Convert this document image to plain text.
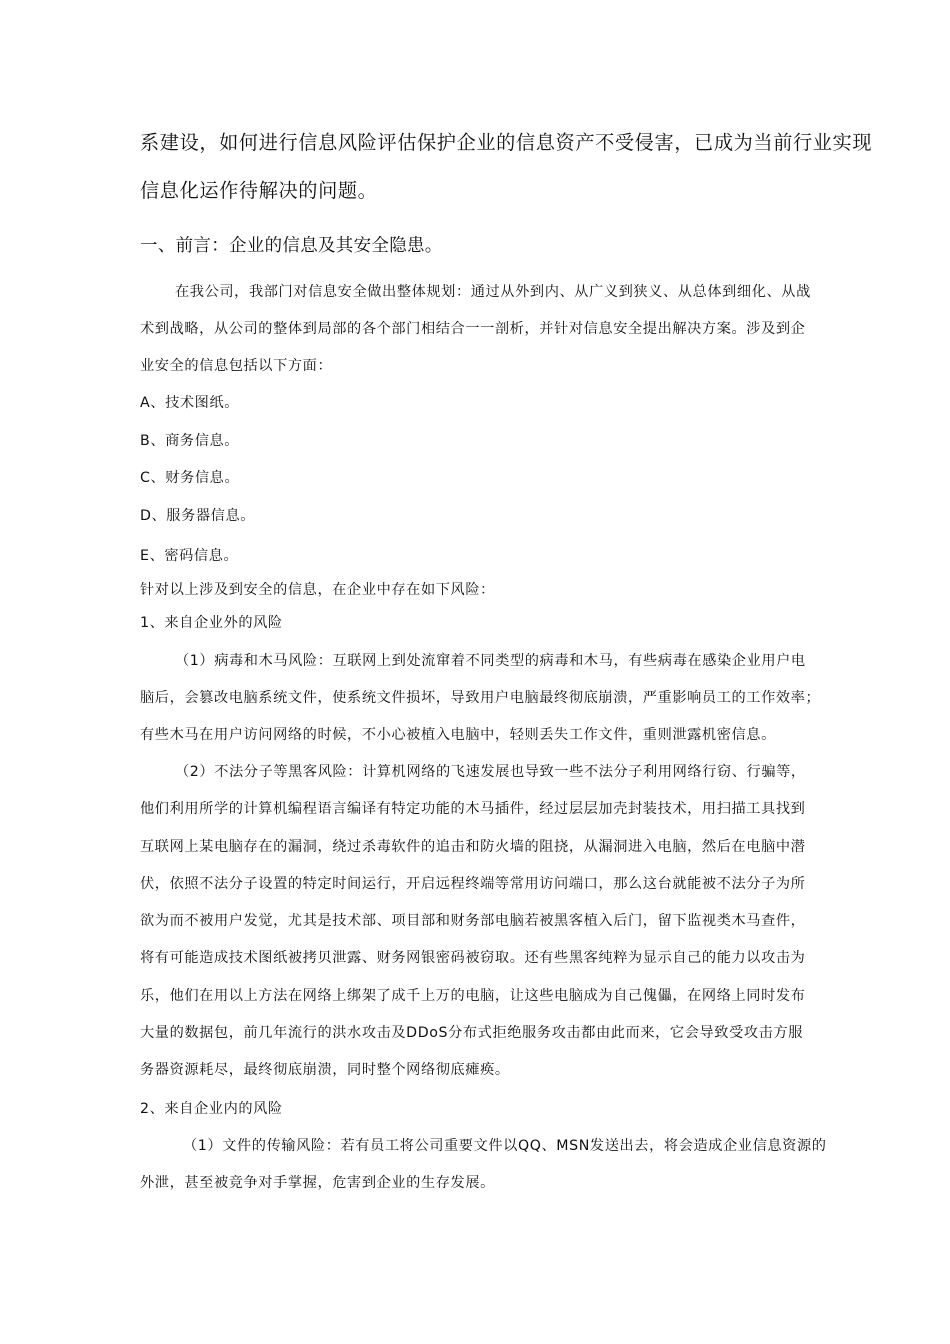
系建设，如何进行信息风险评估保护企业的信息资产不受侵害，已成为当前行业实现

信息化运作待解决的问题。

一、前言：企业的信息及其安全隐患。

在我公司，我部门对信息安全做出整体规划：通过从外到内、从广义到狭义、从总体到细化、从战

术到战略，从公司的整体到局部的各个部门相结合一一剖析，并针对信息安全提出解决方案。涉及到企

业安全的信息包括以下方面：

A、技术图纸。

B、商务信息。

C、财务信息。

D、服务器信息。

E、密码信息。

针对以上涉及到安全的信息，在企业中存在如下风险：

1、来自企业外的风险

（1）病毒和木马风险：互联网上到处流窜着不同类型的病毒和木马，有些病毒在感染企业用户电

脑后，会篡改电脑系统文件，使系统文件损坏，导致用户电脑最终彻底崩溃，严重影响员工的工作效率；

有些木马在用户访问网络的时候，不小心被植入电脑中，轻则丢失工作文件，重则泄露机密信息。

（2）不法分子等黑客风险：计算机网络的飞速发展也导致一些不法分子利用网络行窃、行骗等，

他们利用所学的计算机编程语言编译有特定功能的木马插件，经过层层加壳封装技术，用扫描工具找到

互联网上某电脑存在的漏洞，绕过杀毒软件的追击和防火墙的阻挠，从漏洞进入电脑，然后在电脑中潜

伏，依照不法分子设置的特定时间运行，开启远程终端等常用访问端口，那么这台就能被不法分子为所

欲为而不被用户发觉，尤其是技术部、项目部和财务部电脑若被黑客植入后门，留下监视类木马查件，

将有可能造成技术图纸被拷贝泄露、财务网银密码被窃取。还有些黑客纯粹为显示自己的能力以攻击为

乐，他们在用以上方法在网络上绑架了成千上万的电脑，让这些电脑成为自己傀儡，在网络上同时发布

大量的数据包，前几年流行的洪水攻击及DDoS分布式拒绝服务攻击都由此而来，它会导致受攻击方服

务器资源耗尽，最终彻底崩溃，同时整个网络彻底瘫痪。

2、来自企业内的风险

（1）文件的传输风险：若有员工将公司重要文件以QQ、MSN发送出去，将会造成企业信息资源的

外泄，甚至被竞争对手掌握，危害到企业的生存发展。
